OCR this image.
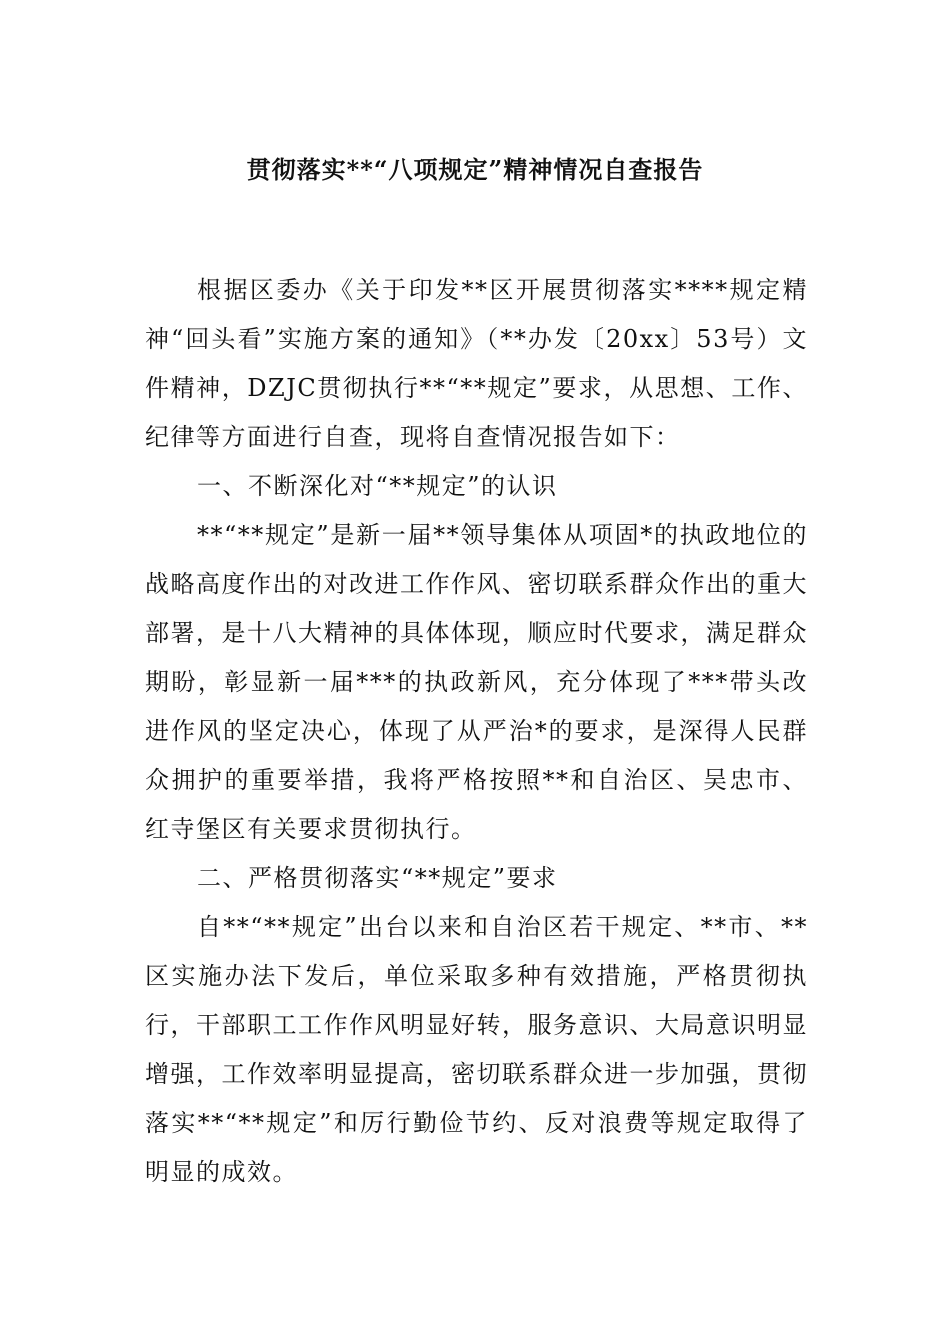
贯彻落实**“八项规定”精神情况自查报告

根据区委办《关于印发**区开展贯彻落实****规定精神“回头看”实施方案的通知》（**办发〔20xx〕53号）文件精神，DZJC贯彻执行**“**规定”要求，从思想、工作、纪律等方面进行自查，现将自查情况报告如下：

一、不断深化对“**规定”的认识

**“**规定”是新一届**领导集体从项固*的执政地位的战略高度作出的对改进工作作风、密切联系群众作出的重大部署，是十八大精神的具体体现，顺应时代要求，满足群众期盼，彰显新一届***的执政新风，充分体现了***带头改进作风的坚定决心，体现了从严治*的要求，是深得人民群众拥护的重要举措，我将严格按照**和自治区、吴忠市、红寺堡区有关要求贯彻执行。

二、严格贯彻落实“**规定”要求

自**“**规定”出台以来和自治区若干规定、**市、**区实施办法下发后，单位采取多种有效措施，严格贯彻执行，干部职工工作作风明显好转，服务意识、大局意识明显增强，工作效率明显提高，密切联系群众进一步加强，贯彻落实**“**规定”和厉行勤俭节约、反对浪费等规定取得了明显的成效。
